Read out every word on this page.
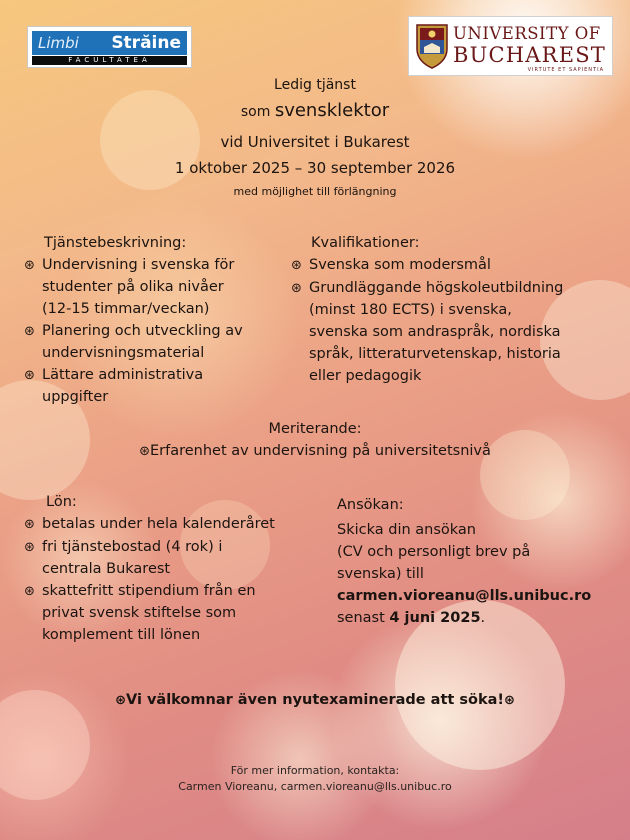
Limbi Străine
FACULTATEA
UNIVERSITY OF
BUCHAREST
VIRTUTE ET SAPIENTIA
Ledig tjänst
som svensklektor
vid Universitet i Bukarest
1 oktober 2025 – 30 september 2026
med möjlighet till förlängning
Tjänstebeskrivning:
⊛ Undervisning i svenska för
studenter på olika nivåer
(12-15 timmar/veckan)
⊛ Planering och utveckling av
undervisningsmaterial
⊛ Lättare administrativa
uppgifter
Kvalifikationer:
⊛ Svenska som modersmål
⊛ Grundläggande högskoleutbildning
(minst 180 ECTS) i svenska,
svenska som andraspråk, nordiska
språk, litteraturvetenskap, historia
eller pedagogik
Meriterande:
⊛Erfarenhet av undervisning på universitetsnivå
Lön:
⊛ betalas under hela kalenderåret
⊛ fri tjänstebostad (4 rok) i
centrala Bukarest
⊛ skattefritt stipendium från en
privat svensk stiftelse som
komplement till lönen
Ansökan:
Skicka din ansökan
(CV och personligt brev på
svenska) till
carmen.vioreanu@lls.unibuc.ro
senast 4 juni 2025.
⊛Vi välkomnar även nyutexaminerade att söka!⊛
För mer information, kontakta:
Carmen Vioreanu, carmen.vioreanu@lls.unibuc.ro
